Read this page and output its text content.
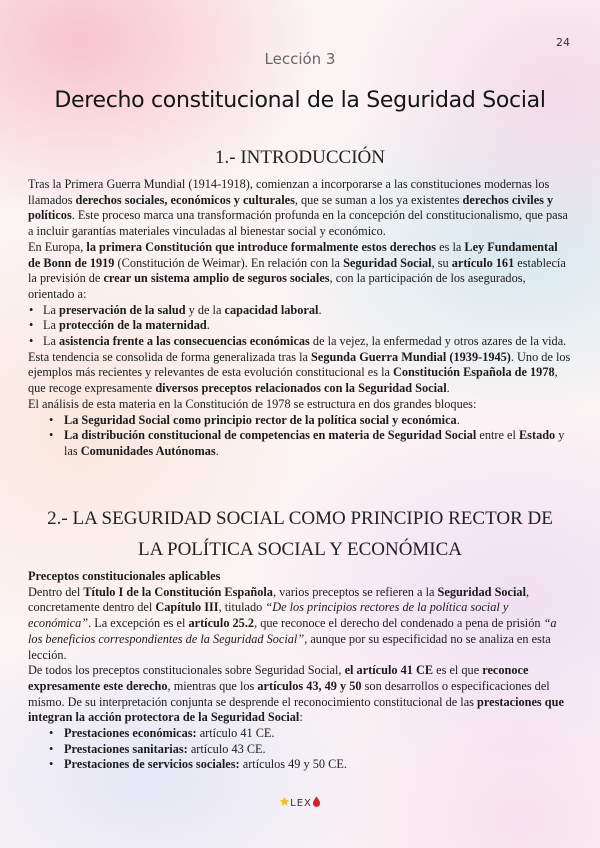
24
Lección 3
Derecho constitucional de la Seguridad Social
1.- INTRODUCCIÓN

Tras la Primera Guerra Mundial (1914-1918), comienzan a incorporarse a las constituciones modernas los llamados derechos sociales, económicos y culturales, que se suman a los ya existentes derechos civiles y políticos. Este proceso marca una transformación profunda en la concepción del constitucionalismo, que pasa a incluir garantías materiales vinculadas al bienestar social y económico.

En Europa, la primera Constitución que introduce formalmente estos derechos es la Ley Fundamental de Bonn de 1919 (Constitución de Weimar). En relación con la Seguridad Social, su artículo 161 establecía la previsión de crear un sistema amplio de seguros sociales, con la participación de los asegurados, orientado a:

• La preservación de la salud y de la capacidad laboral.
• La protección de la maternidad.
• La asistencia frente a las consecuencias económicas de la vejez, la enfermedad y otros azares de la vida.

Esta tendencia se consolida de forma generalizada tras la Segunda Guerra Mundial (1939-1945). Uno de los ejemplos más recientes y relevantes de esta evolución constitucional es la Constitución Española de 1978, que recoge expresamente diversos preceptos relacionados con la Seguridad Social.

El análisis de esta materia en la Constitución de 1978 se estructura en dos grandes bloques:

• La Seguridad Social como principio rector de la política social y económica.
• La distribución constitucional de competencias en materia de Seguridad Social entre el Estado y las Comunidades Autónomas.
2.- LA SEGURIDAD SOCIAL COMO PRINCIPIO RECTOR DE
LA POLÍTICA SOCIAL Y ECONÓMICA

Preceptos constitucionales aplicables

Dentro del Título I de la Constitución Española, varios preceptos se refieren a la Seguridad Social, concretamente dentro del Capítulo III, titulado “De los principios rectores de la política social y económica”. La excepción es el artículo 25.2, que reconoce el derecho del condenado a pena de prisión “a los beneficios correspondientes de la Seguridad Social”, aunque por su especificidad no se analiza en esta lección.

De todos los preceptos constitucionales sobre Seguridad Social, el artículo 41 CE es el que reconoce expresamente este derecho, mientras que los artículos 43, 49 y 50 son desarrollos o especificaciones del mismo. De su interpretación conjunta se desprende el reconocimiento constitucional de las prestaciones que integran la acción protectora de la Seguridad Social:

• Prestaciones económicas: artículo 41 CE.
• Prestaciones sanitarias: artículo 43 CE.
• Prestaciones de servicios sociales: artículos 49 y 50 CE.
LEX
